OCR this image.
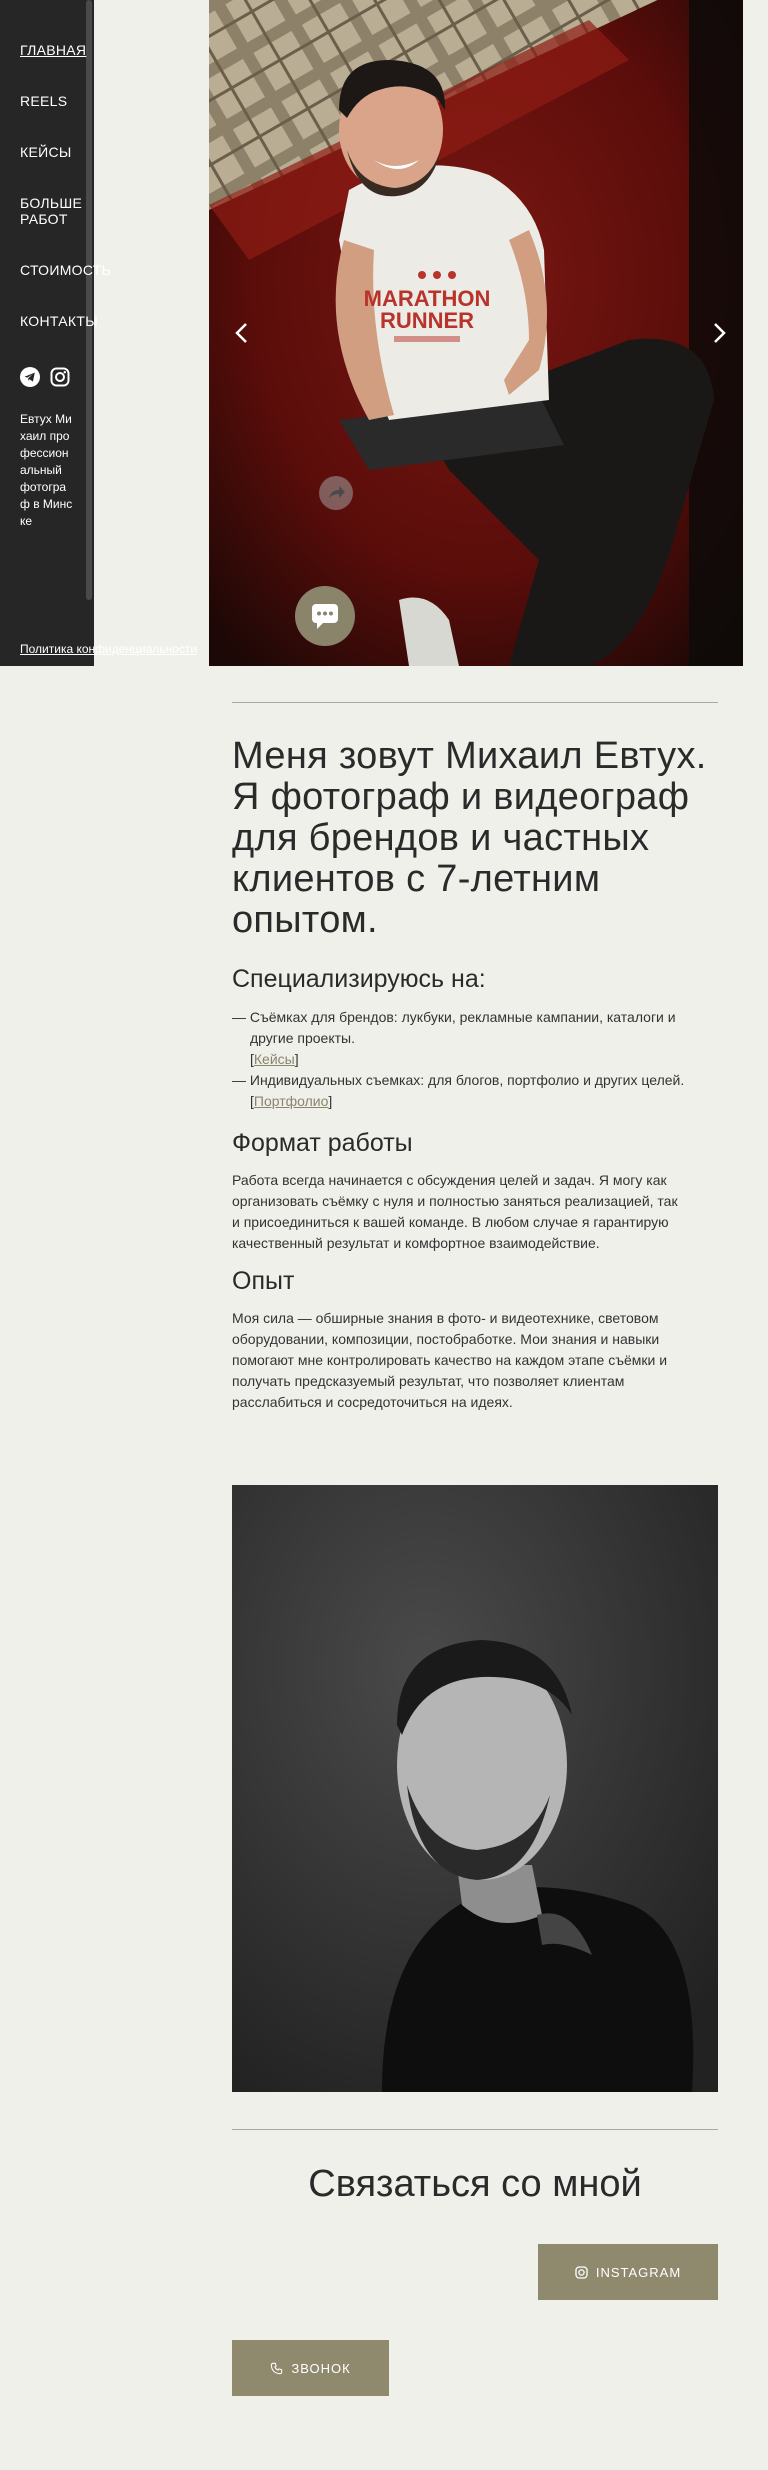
ГЛАВНАЯ
REELS
КЕЙСЫ
БОЛЬШЕ РАБОТ
СТОИМОСТЬ
КОНТАКТЫ
Евтух Михаил профессиональный фотограф в Минске
Политика конфиденциальности
MARATHON
RUNNER
Меня зовут Михаил Евтух. Я фотограф и видеограф для брендов и частных клиентов с 7-летним опытом.
Специализируюсь на:
— Съёмках для брендов: лукбуки, рекламные кампании, каталоги и другие проекты.
[Кейсы]
— Индивидуальных съемках: для блогов, портфолио и других целей.
[Портфолио]
Формат работы

Работа всегда начинается с обсуждения целей и задач. Я могу как организовать съёмку с нуля и полностью заняться реализацией, так и присоединиться к вашей команде. В любом случае я гарантирую качественный результат и комфортное взаимодействие.

Опыт

Моя сила — обширные знания в фото- и видеотехнике, световом оборудовании, композиции, постобработке. Мои знания и навыки помогают мне контролировать качество на каждом этапе съёмки и получать предсказуемый результат, что позволяет клиентам расслабиться и сосредоточиться на идеях.

Связаться со мной
INSTAGRAM
ЗВОНОК
